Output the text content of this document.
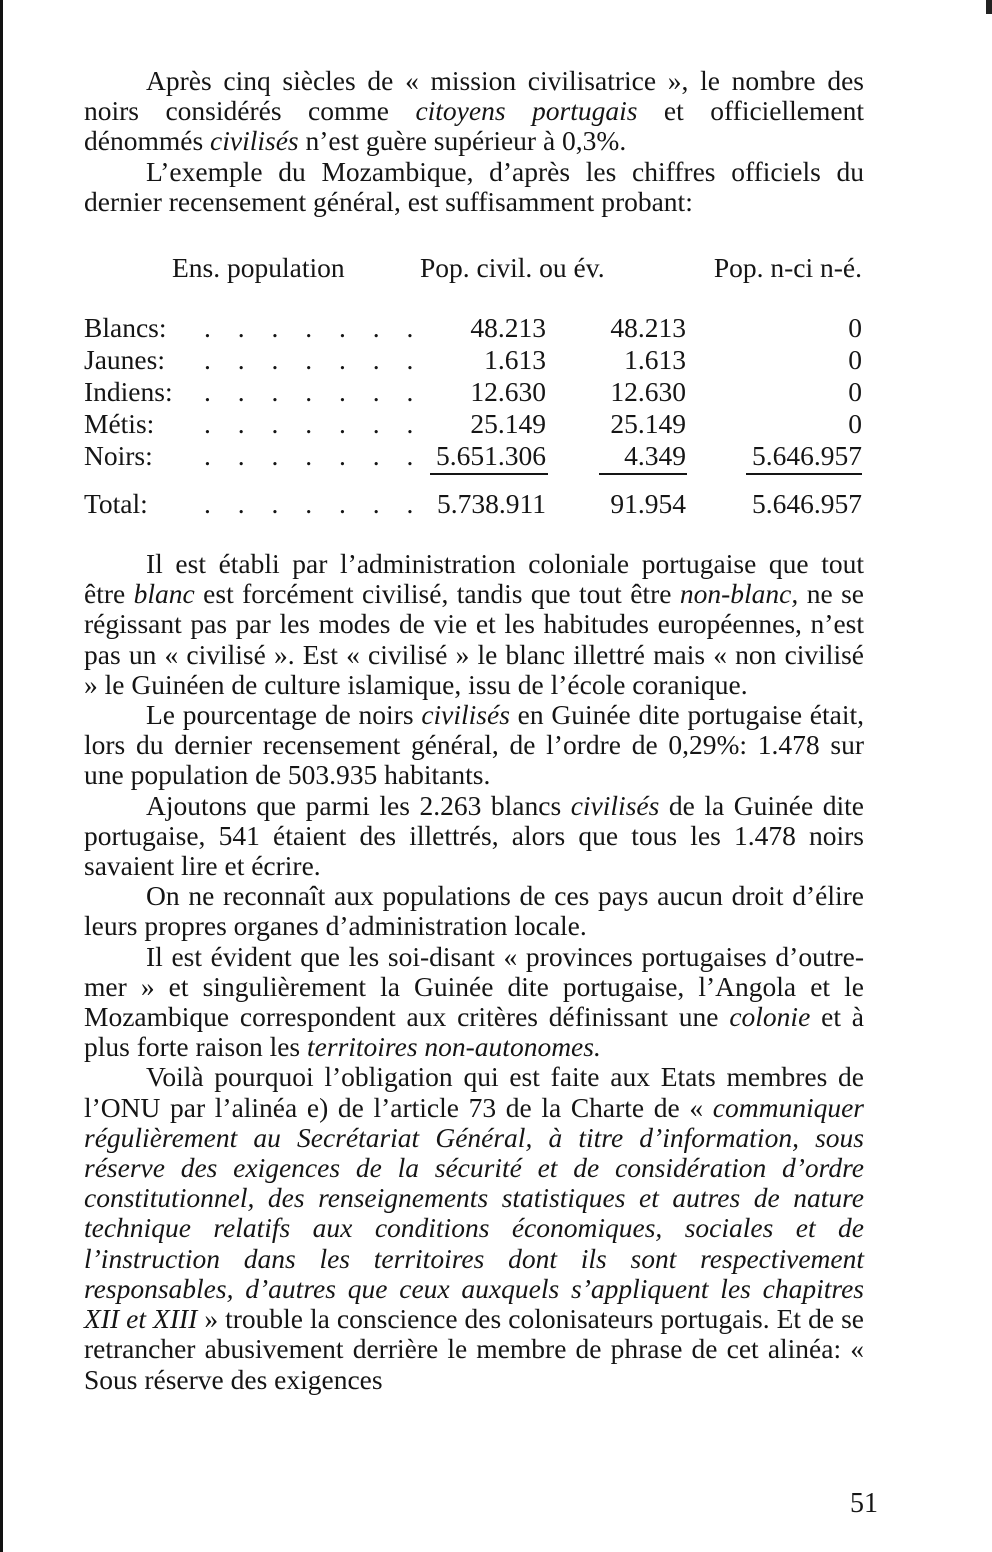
Après cinq siècles de « mission civilisatrice », le nombre des noirs considérés comme citoyens portugais et officiellement dénommés civilisés n’est guère supérieur à 0,3%.

L’exemple du Mozambique, d’après les chiffres officiels du dernier recensement général, est suffisamment probant:

Ens. population	Pop. civil. ou év.	Pop. n-ci n-é.
Blancs: . . . . . . . 48.213 48.213	0
Jaunes: . . . . . . . 1.613	1.613	0
Indiens: . . . . . . . 12.630 12.630	0
Métis: . . . . . . . 25.149 25.149	0
Noirs: . . . . . . . 5.651.306	4.349 5.646.957
Total: . . . . . . . 5.738.911 91.954 5.646.957

Il est établi par l’administration coloniale portugaise que tout être blanc est forcément civilisé, tandis que tout être non-blanc, ne se régissant pas par les modes de vie et les habitudes européennes, n’est pas un « civilisé ». Est « civilisé » le blanc illettré mais « non civilisé » le Guinéen de culture islamique, issu de l’école coranique.

Le pourcentage de noirs civilisés en Guinée dite portugaise était, lors du dernier recensement général, de l’ordre de 0,29%: 1.478 sur une population de 503.935 habitants.

Ajoutons que parmi les 2.263 blancs civilisés de la Guinée dite portugaise, 541 étaient des illettrés, alors que tous les 1.478 noirs savaient lire et écrire.

On ne reconnaît aux populations de ces pays aucun droit d’élire leurs propres organes d’administration locale.

Il est évident que les soi-disant « provinces portugaises d’outre-mer » et singulièrement la Guinée dite portugaise, l’Angola et le Mozambique correspondent aux critères définissant une colonie et à plus forte raison les territoires non-autonomes.

Voilà pourquoi l’obligation qui est faite aux Etats membres de l’ONU par l’alinéa e) de l’article 73 de la Charte de « communiquer régulièrement au Secrétariat Général, à titre d’information, sous réserve des exigences de la sécurité et de considération d’ordre constitutionnel, des renseignements statistiques et autres de nature technique relatifs aux conditions économiques, sociales et de l’instruction dans les territoires dont ils sont respectivement responsables, d’autres que ceux auxquels s’appliquent les chapitres XII et XIII » trouble la conscience des colonisateurs portugais. Et de se retrancher abusivement derrière le membre de phrase de cet alinéa: « Sous réserve des exigences

51
